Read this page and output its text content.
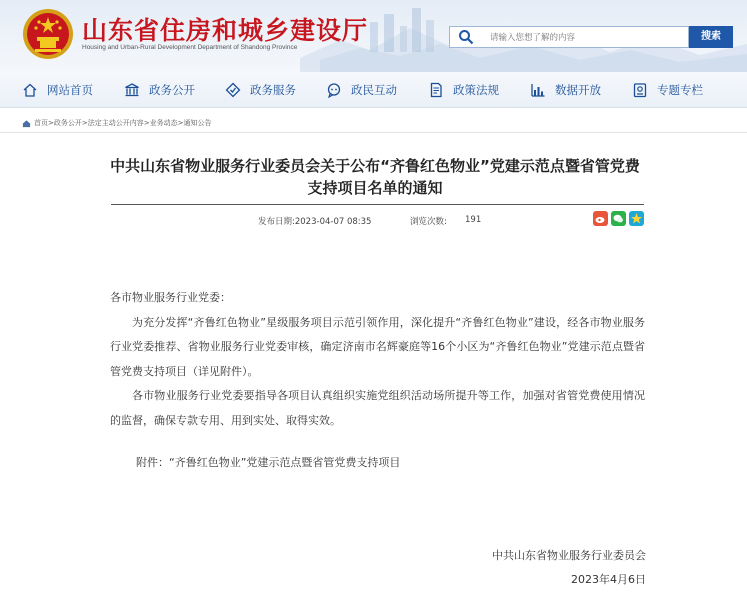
山东省住房和城乡建设厅
Housing and Urban-Rural Development Department of Shandong Province
请输入您想了解的内容
搜索
网站首页	政务公开	政务服务	政民互动	政策法规	数据开放	专题专栏
首页>政务公开>法定主动公开内容>业务动态>通知公告
中共山东省物业服务行业委员会关于公布“齐鲁红色物业”党建示范点暨省管党费
支持项目名单的通知
发布日期:2023-04-07 08:35	浏览次数: 191

各市物业服务行业党委：

为充分发挥“齐鲁红色物业”星级服务项目示范引领作用，深化提升“齐鲁红色物业”建设，经各市物业服务行业党委推荐、省物业服务行业党委审核，确定济南市名辉豪庭等16个小区为“齐鲁红色物业”党建示范点暨省管党费支持项目（详见附件）。

各市物业服务行业党委要指导各项目认真组织实施党组织活动场所提升等工作，加强对省管党费使用情况的监督，确保专款专用、用到实处、取得实效。

附件：“齐鲁红色物业”党建示范点暨省管党费支持项目

中共山东省物业服务行业委员会
2023年4月6日
